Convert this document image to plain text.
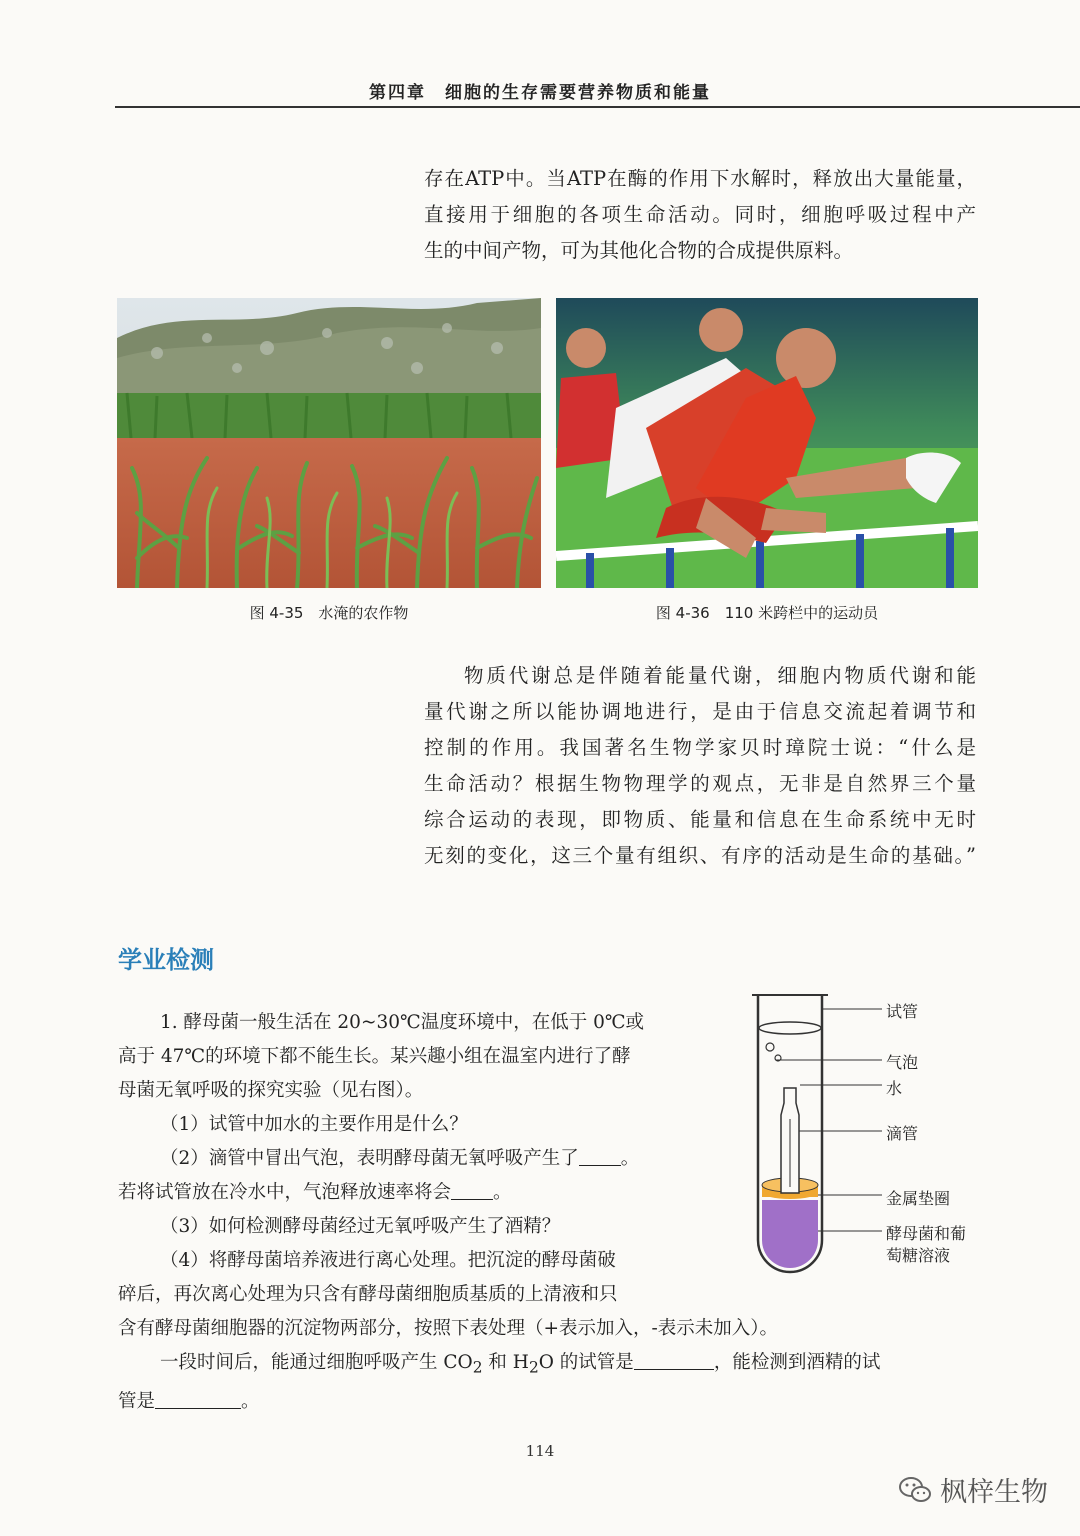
第四章　细胞的生存需要营养物质和能量
存在ATP中。当ATP在酶的作用下水解时，释放出大量能量，
直接用于细胞的各项生命活动。同时，细胞呼吸过程中产
生的中间产物，可为其他化合物的合成提供原料。
图 4-35　水淹的农作物	图 4-36　110 米跨栏中的运动员
物质代谢总是伴随着能量代谢，细胞内物质代谢和能
量代谢之所以能协调地进行，是由于信息交流起着调节和
控制的作用。我国著名生物学家贝时璋院士说：“什么是
生命活动？根据生物物理学的观点，无非是自然界三个量
综合运动的表现，即物质、能量和信息在生命系统中无时
无刻的变化，这三个量有组织、有序的活动是生命的基础。”
学业检测
1. 酵母菌一般生活在 20~30℃温度环境中，在低于 0℃或
高于 47℃的环境下都不能生长。某兴趣小组在温室内进行了酵
母菌无氧呼吸的探究实验（见右图）。
（1）试管中加水的主要作用是什么？
（2）滴管中冒出气泡，表明酵母菌无氧呼吸产生了 。
若将试管放在冷水中，气泡释放速率将会 。
（3）如何检测酵母菌经过无氧呼吸产生了酒精？
（4）将酵母菌培养液进行离心处理。把沉淀的酵母菌破
碎后，再次离心处理为只含有酵母菌细胞质基质的上清液和只
含有酵母菌细胞器的沉淀物两部分，按照下表处理（+表示加入，-表示未加入）。
一段时间后，能通过细胞呼吸产生 $CO_2$ 和 $H_2O$ 的试管是	，能检测到酒精的试
管是	。
试管
气泡
水
滴管
金属垫圈
酵母菌和葡
萄糖溶液
114
枫梓生物
